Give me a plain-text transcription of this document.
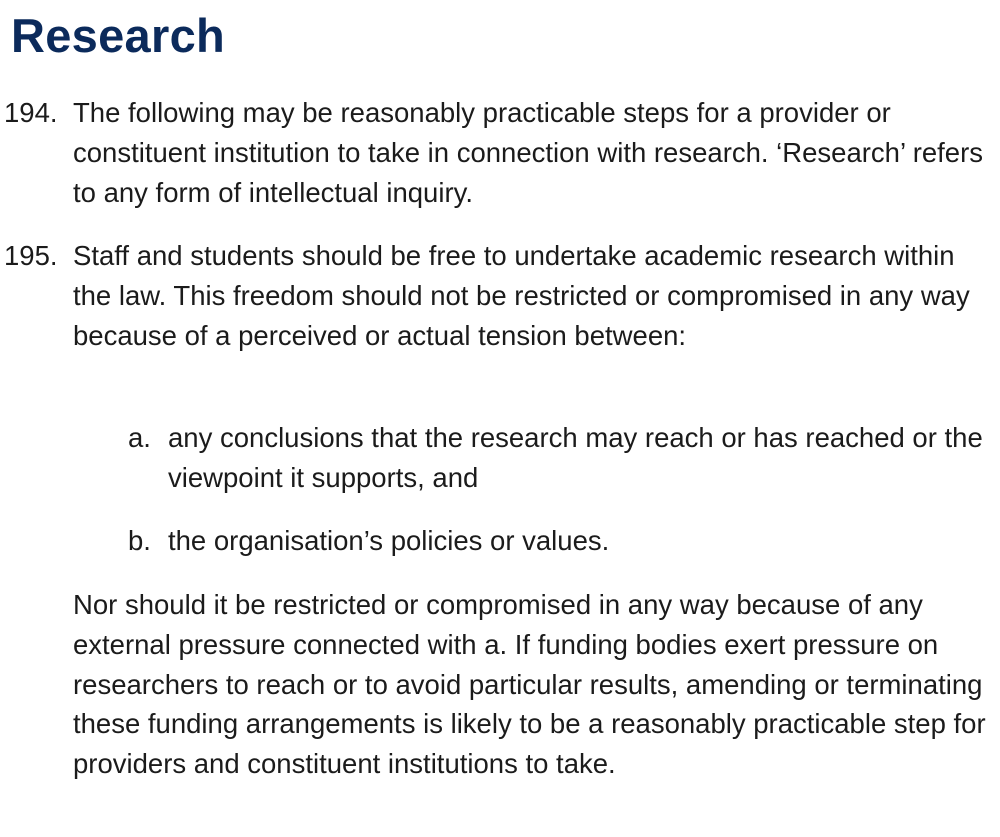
Research
194. The following may be reasonably practicable steps for a provider or constituent institution to take in connection with research. ‘Research’ refers to any form of intellectual inquiry.
195. Staff and students should be free to undertake academic research within the law. This freedom should not be restricted or compromised in any way because of a perceived or actual tension between:
a. any conclusions that the research may reach or has reached or the viewpoint it supports, and
b. the organisation’s policies or values.
Nor should it be restricted or compromised in any way because of any external pressure connected with a. If funding bodies exert pressure on researchers to reach or to avoid particular results, amending or terminating these funding arrangements is likely to be a reasonably practicable step for providers and constituent institutions to take.
